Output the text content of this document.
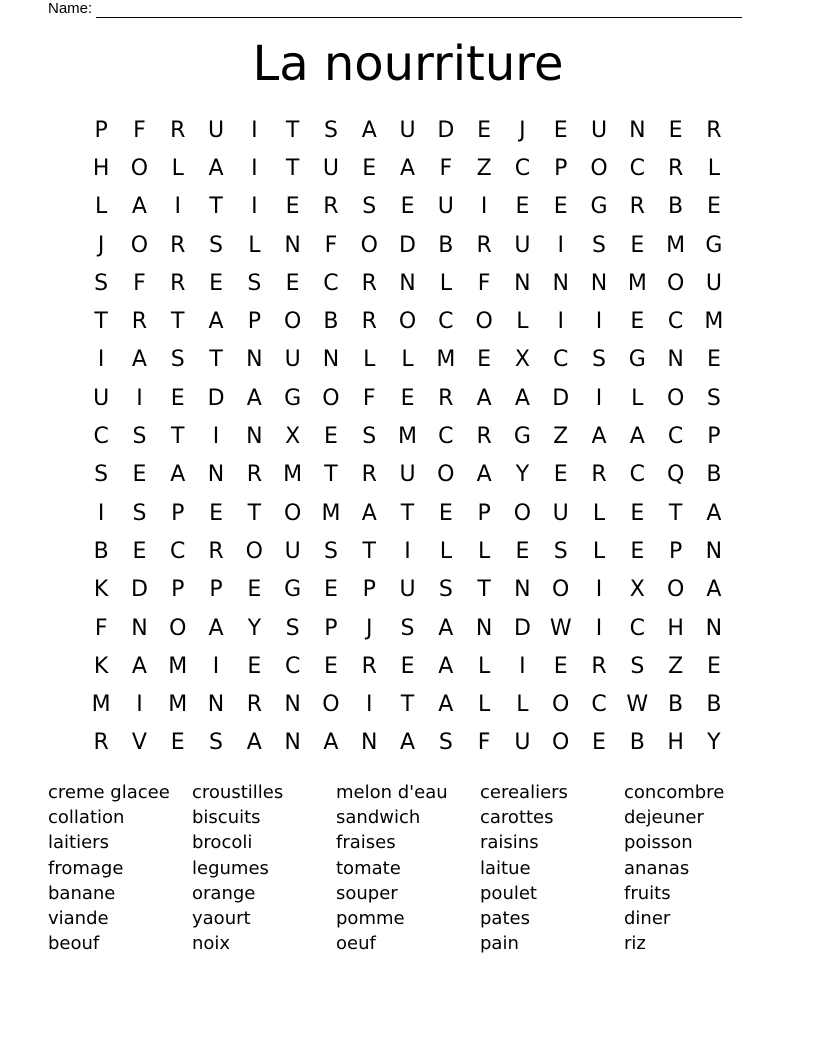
Name:
La nourriture
P	F	R	U	I	T	S	A	U D	E	J	E	U	N	E	R
H O	L	A	I	T	U	E	A	F	Z	C	P	O C	R	L
L	A	I	T	I	E	R	S	E	U	I	E	E	G	R	B	E
J	O R	S	L	N	F	O D	B	R	U	I	S	E M G
S	F	R	E	S	E	C	R	N	L	F	N N N M O U
T	R	T	A	P	O	B	R O C O	L	I	I	E	C M
I	A	S	T	N	U	N	L	L	M E	X	C	S	G N	E
U	I	E	D	A	G O	F	E	R	A	A	D	I	L	O	S
C	S	T	I	N	X	E	S M C	R	G	Z	A	A	C	P
S	E	A	N	R M	T	R	U O	A	Y	E	R	C Q	B
I	S	P	E	T	O M A	T	E	P	O U	L	E	T	A
B	E	C	R O U	S	T	I	L	L	E	S	L	E	P	N
K	D	P	P	E	G	E	P	U	S	T	N O	I	X	O	A
F	N O	A	Y	S	P	J	S	A	N D W	I	C	H N
K	A M	I	E	C	E	R	E	A	L	I	E	R	S	Z	E
M	I	M N	R	N O	I	T	A	L	L	O C W B	B
R	V	E	S	A	N	A	N	A	S	F	U O	E	B	H	Y
creme glacee	croustilles	melon d'eau	cerealiers	concombre
collation	biscuits	sandwich	carottes	dejeuner
laitiers	brocoli	fraises	raisins	poisson
fromage	legumes	tomate	laitue	ananas
banane	orange	souper	poulet	fruits
viande	yaourt	pomme	pates	diner
beouf	noix	oeuf	pain	riz
